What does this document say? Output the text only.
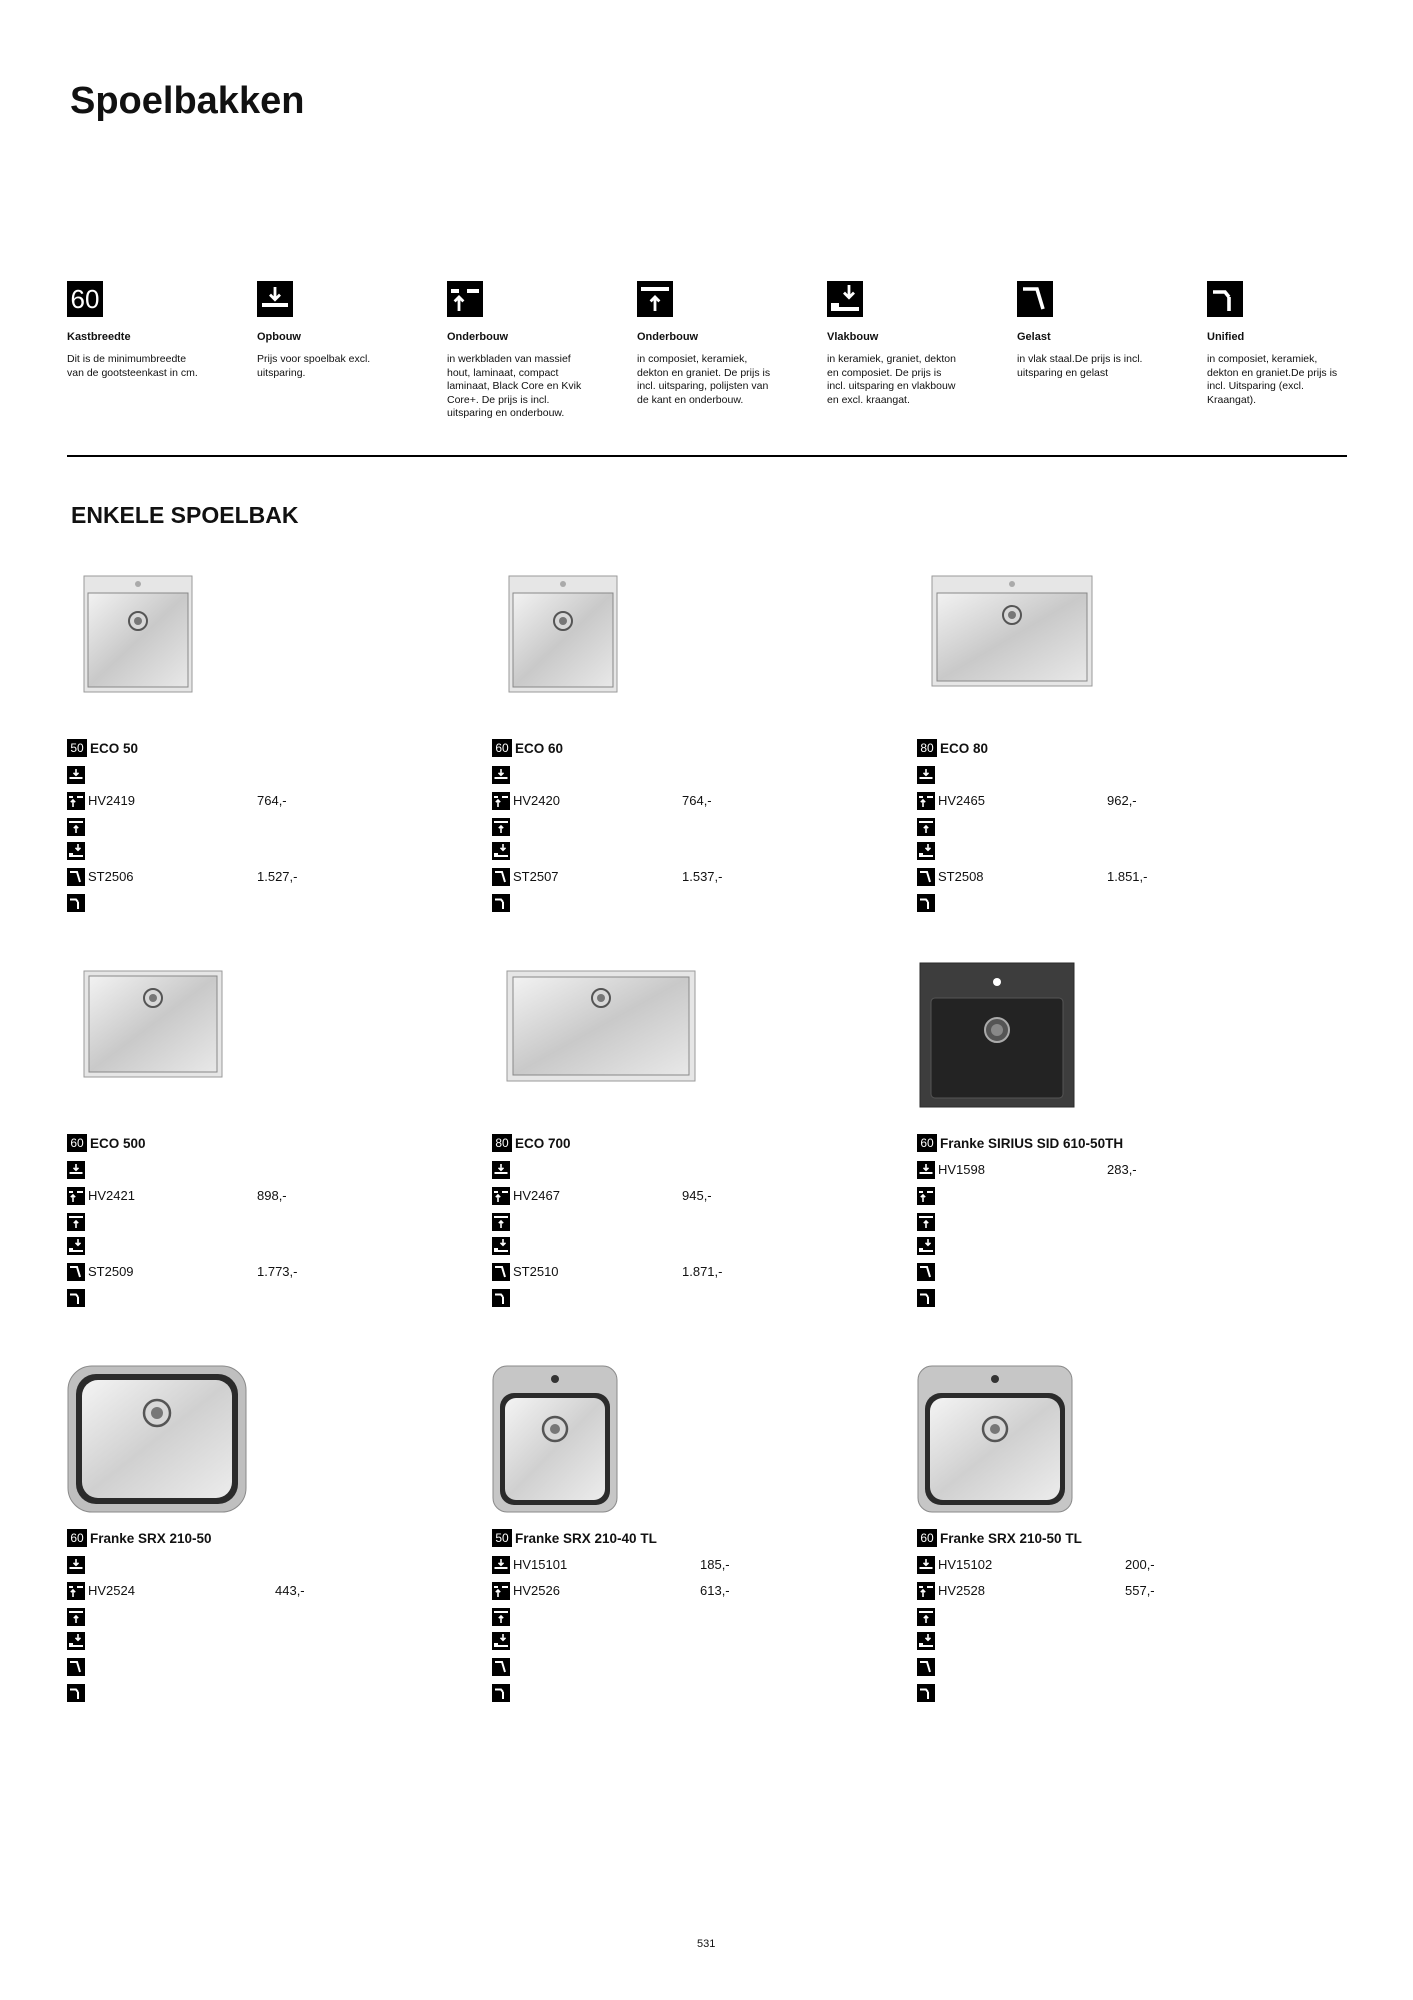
Spoelbakken
60
Kastbreedte
Dit is de minimumbreedte van de gootsteenkast in cm.
Opbouw
Prijs voor spoelbak excl. uitsparing.
Onderbouw
in werkbladen van massief hout, laminaat, compact laminaat, Black Core en Kvik Core+. De prijs is incl. uitsparing en onderbouw.
Onderbouw
in composiet, keramiek, dekton en graniet. De prijs is incl. uitsparing, polijsten van de kant en onderbouw.
Vlakbouw
in keramiek, graniet, dekton en composiet. De prijs is incl. uitsparing en vlakbouw en excl. kraangat.
Gelast
in vlak staal.De prijs is incl. uitsparing en gelast
Unified
in composiet, keramiek, dekton en graniet.De prijs is incl. Uitsparing (excl. Kraangat).
ENKELE SPOELBAK
50 ECO 50
HV2419	764,-
ST2506	1.527,-
60 ECO 60
HV2420	764,-
ST2507	1.537,-
80 ECO 80
HV2465	962,-
ST2508	1.851,-
60 ECO 500
HV2421	898,-
ST2509	1.773,-
80 ECO 700
HV2467	945,-
ST2510	1.871,-
60 Franke SIRIUS SID 610-50TH
HV1598	283,-
60 Franke SRX 210-50
HV2524	443,-
50 Franke SRX 210-40 TL
HV15101	185,-
HV2526	613,-
60 Franke SRX 210-50 TL
HV15102	200,-
HV2528	557,-
531
